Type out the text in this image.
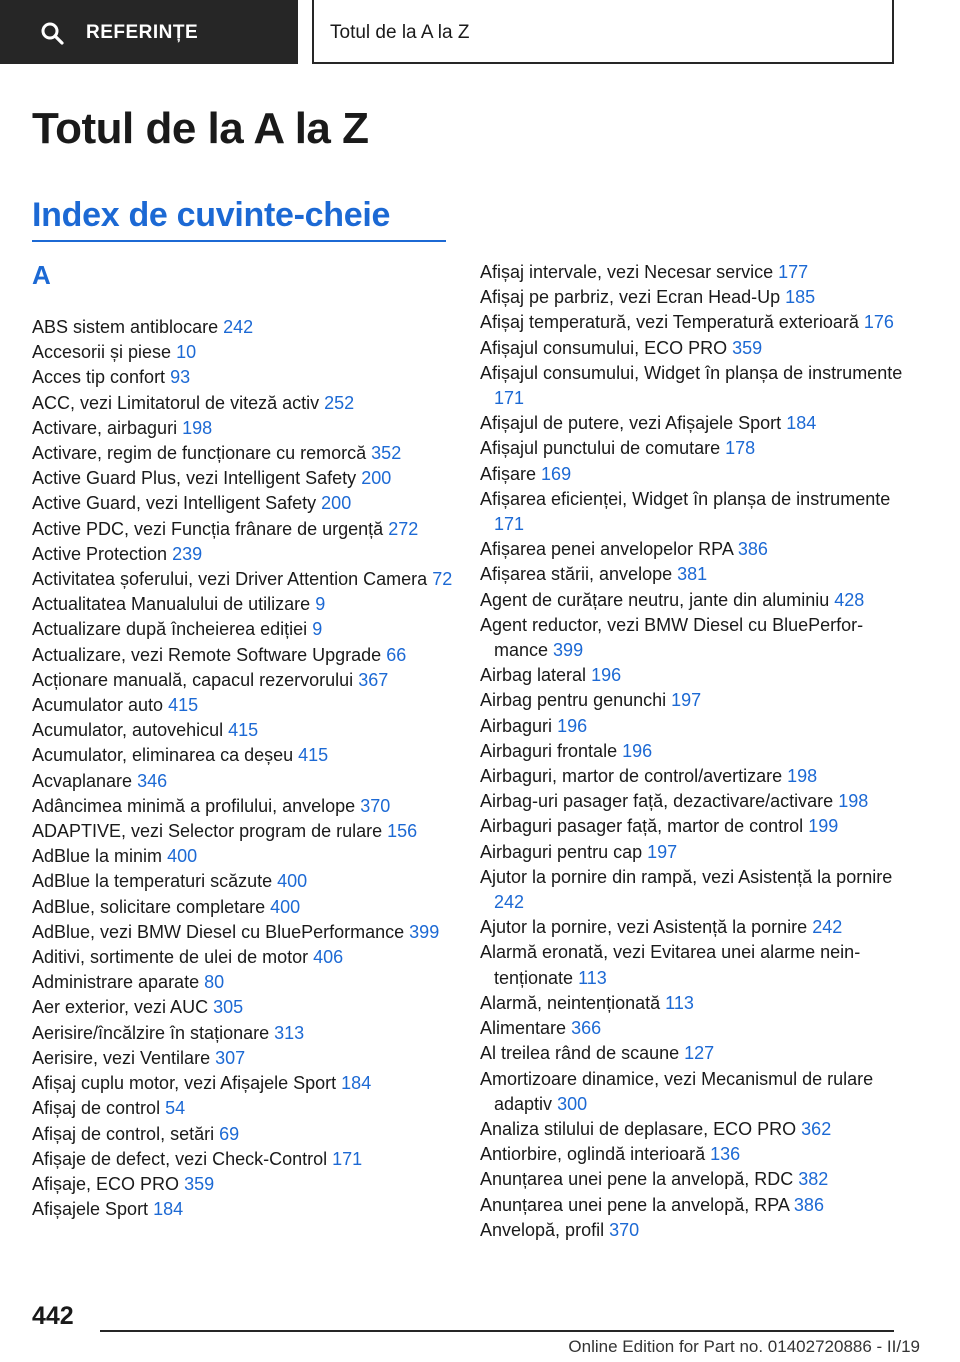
REFERINȚE	Totul de la A la Z
Totul de la A la Z
Index de cuvinte-cheie
A
ABS sistem antiblocare 242
Accesorii și piese 10
Acces tip confort 93
ACC, vezi Limitatorul de viteză activ 252
Activare, airbaguri 198
Activare, regim de funcționare cu remorcă 352
Active Guard Plus, vezi Intelligent Safety 200
Active Guard, vezi Intelligent Safety 200
Active PDC, vezi Funcția frânare de urgență 272
Active Protection 239
Activitatea șoferului, vezi Driver Attention Camera 72
Actualitatea Manualului de utilizare 9
Actualizare după încheierea ediției 9
Actualizare, vezi Remote Software Upgrade 66
Acționare manuală, capacul rezervorului 367
Acumulator auto 415
Acumulator, autovehicul 415
Acumulator, eliminarea ca deșeu 415
Acvaplanare 346
Adâncimea minimă a profilului, anvelope 370
ADAPTIVE, vezi Selector program de rulare 156
AdBlue la minim 400
AdBlue la temperaturi scăzute 400
AdBlue, solicitare completare 400
AdBlue, vezi BMW Diesel cu BluePerformance 399
Aditivi, sortimente de ulei de motor 406
Administrare aparate 80
Aer exterior, vezi AUC 305
Aerisire/încălzire în staționare 313
Aerisire, vezi Ventilare 307
Afișaj cuplu motor, vezi Afișajele Sport 184
Afișaj de control 54
Afișaj de control, setări 69
Afișaje de defect, vezi Check-Control 171
Afișaje, ECO PRO 359
Afișajele Sport 184
Afișaj intervale, vezi Necesar service 177
Afișaj pe parbriz, vezi Ecran Head-Up 185
Afișaj temperatură, vezi Temperatură exterioară 176
Afișajul consumului, ECO PRO 359
Afișajul consumului, Widget în planșa de instrumente 171
Afișajul de putere, vezi Afișajele Sport 184
Afișajul punctului de comutare 178
Afișare 169
Afișarea eficienței, Widget în planșa de instrumente 171
Afișarea penei anvelopelor RPA 386
Afișarea stării, anvelope 381
Agent de curățare neutru, jante din aluminiu 428
Agent reductor, vezi BMW Diesel cu BluePerformance 399
Airbag lateral 196
Airbag pentru genunchi 197
Airbaguri 196
Airbaguri frontale 196
Airbaguri, martor de control/avertizare 198
Airbag-uri pasager față, dezactivare/activare 198
Airbaguri pasager față, martor de control 199
Airbaguri pentru cap 197
Ajutor la pornire din rampă, vezi Asistență la pornire 242
Ajutor la pornire, vezi Asistență la pornire 242
Alarmă eronată, vezi Evitarea unei alarme neintenționate 113
Alarmă, neintenționată 113
Alimentare 366
Al treilea rând de scaune 127
Amortizoare dinamice, vezi Mecanismul de rulare adaptiv 300
Analiza stilului de deplasare, ECO PRO 362
Antiorbire, oglindă interioară 136
Anunțarea unei pene la anvelopă, RDC 382
Anunțarea unei pene la anvelopă, RPA 386
Anvelopă, profil 370
442
Online Edition for Part no. 01402720886 - II/19
